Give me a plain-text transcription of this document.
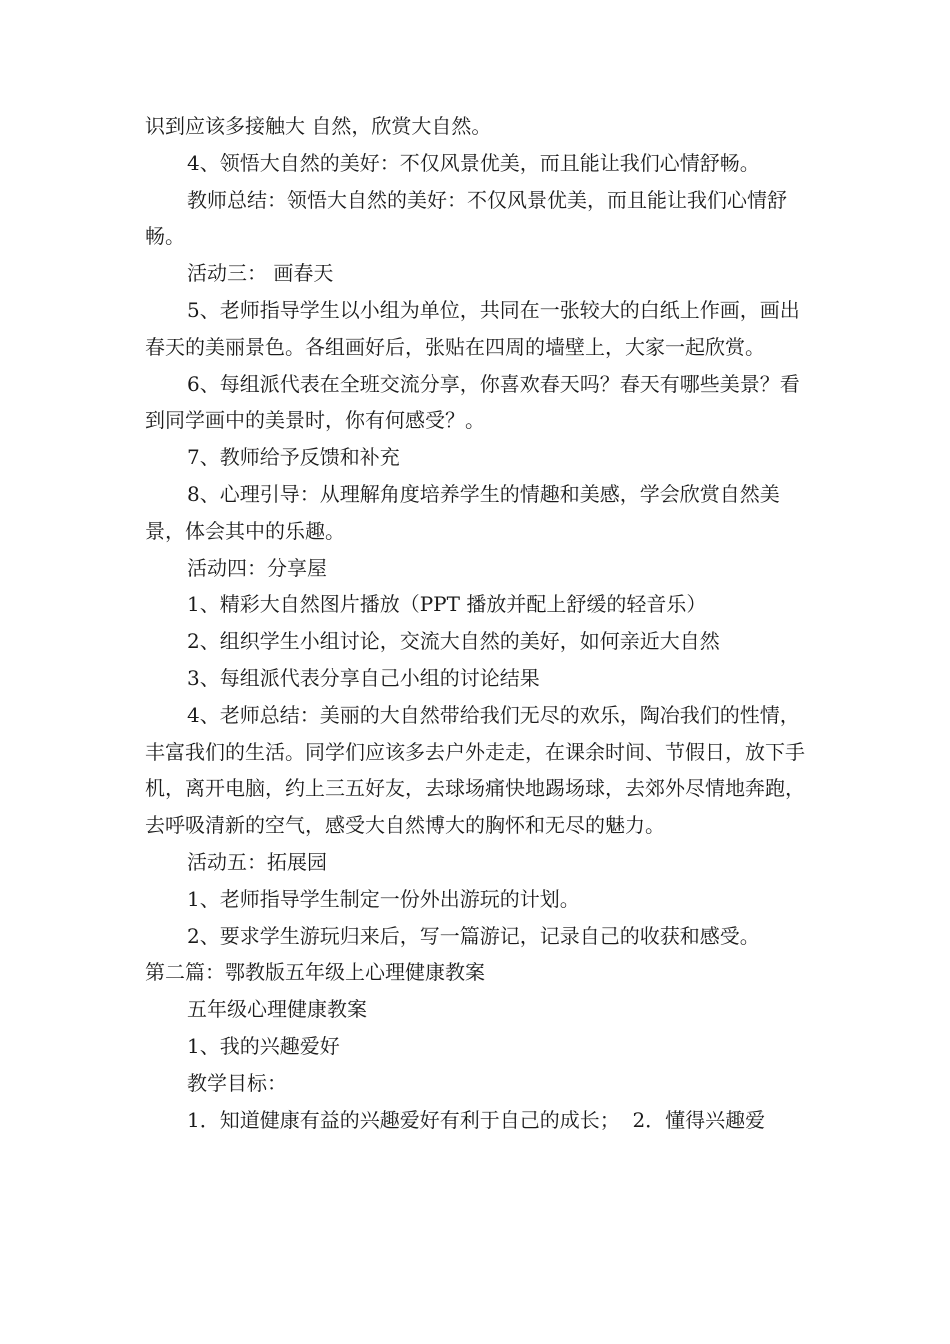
识到应该多接触大 自然，欣赏大自然。

4、领悟大自然的美好：不仅风景优美，而且能让我们心情舒畅。

教师总结：领悟大自然的美好：不仅风景优美，而且能让我们心情舒畅。

活动三： 画春天

5、老师指导学生以小组为单位，共同在一张较大的白纸上作画，画出春天的美丽景色。各组画好后，张贴在四周的墙壁上，大家一起欣赏。

6、每组派代表在全班交流分享，你喜欢春天吗？春天有哪些美景？看到同学画中的美景时，你有何感受？。

7、教师给予反馈和补充

8、心理引导：从理解角度培养学生的情趣和美感，学会欣赏自然美景，体会其中的乐趣。

活动四：分享屋

1、精彩大自然图片播放（PPT 播放并配上舒缓的轻音乐）

2、组织学生小组讨论，交流大自然的美好，如何亲近大自然

3、每组派代表分享自己小组的讨论结果

4、老师总结：美丽的大自然带给我们无尽的欢乐，陶冶我们的性情，丰富我们的生活。同学们应该多去户外走走，在课余时间、节假日，放下手机，离开电脑，约上三五好友，去球场痛快地踢场球，去郊外尽情地奔跑，去呼吸清新的空气，感受大自然博大的胸怀和无尽的魅力。

活动五：拓展园

1、老师指导学生制定一份外出游玩的计划。

2、要求学生游玩归来后，写一篇游记，记录自己的收获和感受。

第二篇：鄂教版五年级上心理健康教案

五年级心理健康教案

1、我的兴趣爱好

教学目标：

1．知道健康有益的兴趣爱好有利于自己的成长；  2．懂得兴趣爱
